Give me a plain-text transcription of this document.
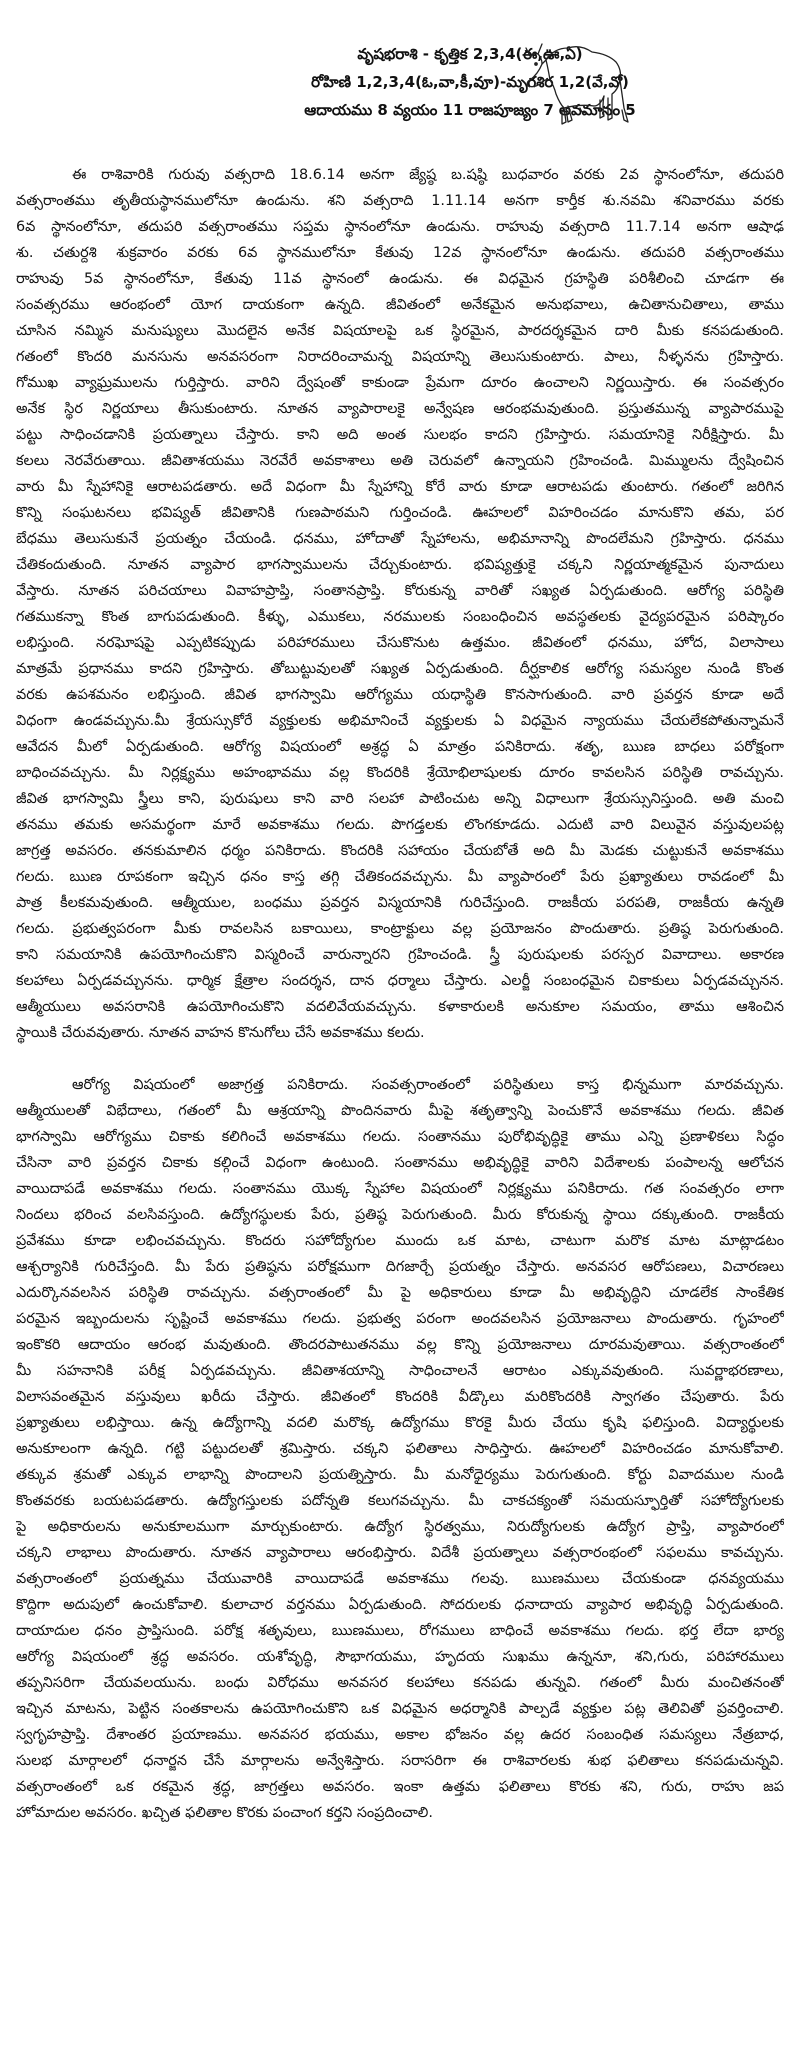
వృషభరాశి - కృత్తిక 2,3,4(ఈ,ఊ,ఏ)
రోహిణి 1,2,3,4(ఓ,వా,కీ,వూ)-మృగశిర 1,2(వే,వో)
ఆదాయము 8 వ్యయం 11 రాజపూజ్యం 7 అవమానం 5
ఈ రాశివారికి గురువు వత్సరాది 18.6.14 అనగా జ్యేష్ఠ బ.షష్ఠి బుధవారం వరకు 2వ స్థానంలోనూ, తదుపరి
వత్సరాంతము తృతీయస్థానములోనూ ఉండును. శని వత్సరాది 1.11.14 అనగా కార్తీక శు.నవమి శనివారము వరకు
6వ స్థానంలోనూ, తదుపరి వత్సరాంతము సప్తమ స్థానంలోనూ ఉండును. రాహువు వత్సరాది 11.7.14 అనగా ఆషాఢ
శు. చతుర్దశి శుక్రవారం వరకు 6వ స్థానములోనూ కేతువు 12వ స్థానంలోనూ ఉండును. తదుపరి వత్సరాంతము
రాహువు 5వ స్థానంలోనూ, కేతువు 11వ స్థానంలో ఉండును. ఈ విధమైన గ్రహస్థితి పరిశీలించి చూడగా ఈ
సంవత్సరము ఆరంభంలో యోగ దాయకంగా ఉన్నది. జీవితంలో అనేకమైన అనుభవాలు, ఉచితానుచితాలు, తాము
చూసిన నమ్మిన మనుష్యులు మొదలైన అనేక విషయాలపై ఒక స్థిరమైన, పారదర్శకమైన దారి మీకు కనపడుతుంది.
గతంలో కొందరి మనసును అనవసరంగా నిరాదరించామన్న విషయాన్ని తెలుసుకుంటారు. పాలు, నీళ్ళనను గ్రహిస్తారు.
గోముఖ వ్యాఘ్రములను గుర్తిస్తారు. వారిని ద్వేషంతో కాకుండా ప్రేమగా దూరం ఉంచాలని నిర్ణయిస్తారు. ఈ సంవత్సరం
అనేక స్థిర నిర్ణయాలు తీసుకుంటారు. నూతన వ్యాపారాలకై అన్వేషణ ఆరంభమవుతుంది. ప్రస్తుతమున్న వ్యాపారముపై
పట్టు సాధించడానికి ప్రయత్నాలు చేస్తారు. కాని అది అంత సులభం కాదని గ్రహిస్తారు. సమయానికై నిరీక్షిస్తారు. మీ
కలలు నెరవేరుతాయి. జీవితాశయము నెరవేరే అవకాశాలు అతి చెరువలో ఉన్నాయని గ్రహించండి. మిమ్ములను ద్వేషించిన
వారు మీ స్నేహానికై ఆరాటపడతారు. అదే విధంగా మీ స్నేహాన్ని కోరే వారు కూడా ఆరాటపడు తుంటారు. గతంలో జరిగిన
కొన్ని సంఘటనలు భవిష్యత్ జీవితానికి గుణపాఠమని గుర్తించండి. ఊహలలో విహరించడం మానుకొని తమ, పర
బేధము తెలుసుకునే ప్రయత్నం చేయండి. ధనము, హోదాతో స్నేహాలను, అభిమానాన్ని పొందలేమని గ్రహిస్తారు. ధనము
చేతికందుతుంది. నూతన వ్యాపార భాగస్వాములను చేర్చుకుంటారు. భవిష్యత్తుకై చక్కని నిర్ణయాత్మకమైన పునాదులు
వేస్తారు. నూతన పరిచయాలు వివాహప్రాప్తి, సంతానప్రాప్తి. కోరుకున్న వారితో సఖ్యత ఏర్పడుతుంది. ఆరోగ్య పరిస్థితి
గతముకన్నా కొంత బాగుపడుతుంది. కీళ్ళు, ఎముకలు, నరములకు సంబంధించిన అవస్థతలకు వైద్యపరమైన పరిష్కారం
లభిస్తుంది. నరఘోషపై ఎప్పటికప్పుడు పరిహారములు చేసుకొనుట ఉత్తమం. జీవితంలో ధనము, హోద, విలాసాలు
మాత్రమే ప్రధానము కాదని గ్రహిస్తారు. తోబుట్టువులతో సఖ్యత ఏర్పడుతుంది. దీర్ఘకాలిక ఆరోగ్య సమస్యల నుండి కొంత
వరకు ఉపశమనం లభిస్తుంది. జీవిత భాగస్వామి ఆరోగ్యము యధాస్థితి కొనసాగుతుంది. వారి ప్రవర్తన కూడా అదే
విధంగా ఉండవచ్చును.మీ శ్రేయస్సుకోరే వ్యక్తులకు అభిమానించే వ్యక్తులకు ఏ విధమైన న్యాయము చేయలేకపోతున్నామనే
ఆవేదన మీలో ఏర్పడుతుంది. ఆరోగ్య విషయంలో అశ్రద్ధ ఏ మాత్రం పనికిరాదు. శతృ, ఋణ బాధలు పరోక్షంగా
బాధించవచ్చును. మీ నిర్లక్ష్యము అహంభావము వల్ల కొందరికి శ్రేయోభిలాషులకు దూరం కావలసిన పరిస్థితి రావచ్చును.
జీవిత భాగస్వామి స్త్రీలు కాని, పురుషులు కాని వారి సలహా పాటించుట అన్ని విధాలుగా శ్రేయస్సునిస్తుంది. అతి మంచి
తనము తమకు అసమర్థంగా మారే అవకాశము గలదు. పొగడ్తలకు లొంగకూడదు. ఎదుటి వారి విలువైన వస్తువులపట్ల
జాగ్రత్త అవసరం. తనకుమాలిన ధర్మం పనికిరాదు. కొందరికి సహాయం చేయబోతే అది మీ మెడకు చుట్టుకునే అవకాశము
గలదు. ఋణ రూపకంగా ఇచ్చిన ధనం కాస్త తగ్గి చేతికందవచ్చును. మీ వ్యాపారంలో పేరు ప్రఖ్యాతులు రావడంలో మీ
పాత్ర కీలకమవుతుంది. ఆత్మీయుల, బంధము ప్రవర్తన విస్మయానికి గురిచేస్తుంది. రాజకీయ పరపతి, రాజకీయ ఉన్నతి
గలదు. ప్రభుత్వపరంగా మీకు రావలసిన బకాయిలు, కాంట్రాక్టులు వల్ల ప్రయోజనం పొందుతారు. ప్రతిష్ఠ పెరుగుతుంది.
కాని సమయానికి ఉపయోగించుకొని విస్మరించే వారున్నారని గ్రహించండి. స్త్రీ పురుషులకు పరస్పర వివాదాలు. అకారణ
కలహాలు ఏర్పడవచ్చునను. ధార్మిక క్షేత్రాల సందర్శన, దాన ధర్మాలు చేస్తారు. ఎలర్జీ సంబంధమైన చికాకులు ఏర్పడవచ్చునన.
ఆత్మీయులు అవసరానికి ఉపయోగించుకొని వదలివేయవచ్చును. కళాకారులకి అనుకూల సమయం, తాము ఆశించిన
స్థాయికి చేరువవుతారు. నూతన వాహన కొనుగోలు చేసే అవకాశము కలదు.
ఆరోగ్య విషయంలో అజాగ్రత్త పనికిరాదు. సంవత్సరాంతంలో పరిస్థితులు కాస్త భిన్నముగా మారవచ్చును.
ఆత్మీయులతో విభేదాలు, గతంలో మీ ఆశ్రయాన్ని పొందినవారు మీపై శతృత్వాన్ని పెంచుకొనే అవకాశము గలదు. జీవిత
భాగస్వామి ఆరోగ్యము చికాకు కలిగించే అవకాశము గలదు. సంతానము పురోభివృద్ధికై తాము ఎన్ని ప్రణాళికలు సిద్ధం
చేసినా వారి ప్రవర్తన చికాకు కల్గించే విధంగా ఉంటుంది. సంతానము అభివృద్ధికై వారిని విదేశాలకు పంపాలన్న ఆలోచన
వాయిదాపడే అవకాశము గలదు. సంతానము యొక్క స్నేహాల విషయంలో నిర్లక్ష్యము పనికిరాదు. గత సంవత్సరం లాగా
నిందలు భరించ వలసివస్తుంది. ఉద్యోగస్థులకు పేరు, ప్రతిష్ఠ పెరుగుతుంది. మీరు కోరుకున్న స్థాయి దక్కుతుంది. రాజకీయ
ప్రవేశము కూడా లభించవచ్చును. కొందరు సహోద్యోగుల ముందు ఒక మాట, చాటుగా మరొక మాట మాట్లాడటం
ఆశ్చర్యానికి గురిచేస్తంది. మీ పేరు ప్రతిష్ఠను పరోక్షముగా దిగజార్చే ప్రయత్నం చేస్తారు. అనవసర ఆరోపణలు, విచారణలు
ఎదుర్కొనవలసిన పరిస్థితి రావచ్చును. వత్సరాంతంలో మీ పై అధికారులు కూడా మీ అభివృద్ధిని చూడలేక సాంకేతిక
పరమైన ఇబ్బందులను సృష్టించే అవకాశము గలదు. ప్రభుత్వ పరంగా అందవలసిన ప్రయోజనాలు పొందుతారు. గృహంలో
ఇంకొకరి ఆదాయం ఆరంభ మవుతుంది. తొందరపాటుతనము వల్ల కొన్ని ప్రయోజనాలు దూరమవుతాయి. వత్సరాంతంలో
మీ సహనానికి పరీక్ష ఏర్పడవచ్చును. జీవితాశయాన్ని సాధించాలనే ఆరాటం ఎక్కువవుతుంది. సువర్ణాభరణాలు,
విలాసవంతమైన వస్తువులు ఖరీదు చేస్తారు. జీవితంలో కొందరికి వీడ్కొలు మరికొందరికి స్వాగతం చేపుతారు. పేరు
ప్రఖ్యాతులు లభిస్తాయి. ఉన్న ఉద్యోగాన్ని వదలి మరొక్క ఉద్యోగము కొరకై మీరు చేయు కృషి ఫలిస్తుంది. విద్యార్థులకు
అనుకూలంగా ఉన్నది. గట్టి పట్టుదలతో శ్రమిస్తారు. చక్కని ఫలితాలు సాధిస్తారు. ఊహలలో విహరించడం మానుకోవాలి.
తక్కువ శ్రమతో ఎక్కువ లాభాన్ని పొందాలని ప్రయత్నిస్తారు. మీ మనోధైర్యము పెరుగుతుంది. కోర్టు వివాదముల నుండి
కొంతవరకు బయటపడతారు. ఉద్యోగస్తులకు పదోన్నతి కలుగవచ్చును. మీ చాకచక్యంతో సమయస్ఫూర్తితో సహోద్యోగులకు
పై అధికారులను అనుకూలముగా మార్చుకుంటారు. ఉద్యోగ స్థిరత్వము, నిరుద్యోగులకు ఉద్యోగ ప్రాప్తి, వ్యాపారంలో
చక్కని లాభాలు పొందుతారు. నూతన వ్యాపారాలు ఆరంభిస్తారు. విదేశీ ప్రయత్నాలు వత్సరారంభంలో సఫలము కావచ్చును.
వత్సరాంతంలో ప్రయత్నము చేయువారికి వాయిదాపడే అవకాశము గలవు. ఋణములు చేయకుండా ధనవ్యయము
కొద్దిగా అదుపులో ఉంచుకోవాలి. కులాచార వర్తనము ఏర్పడుతుంది. సోదరులకు ధనాదాయ వ్యాపార అభివృద్ధి ఏర్పడుతుంది.
దాయాదుల ధనం ప్రాప్తిసుంది. పరోక్ష శతృవులు, ఋణములు, రోగములు బాధించే అవకాశము గలదు. భర్త లేదా భార్య
ఆరోగ్య విషయంలో శ్రద్ధ అవసరం. యశోవృద్ధి, సౌభాగయము, హృదయ సుఖము ఉన్ననూ, శని,గురు, పరిహారములు
తప్పనిసరిగా చేయవలయును. బంధు విరోధము అనవసర కలహాలు కనపడు తున్నవి. గతంలో మీరు మంచితనంతో
ఇచ్చిన మాటను, పెట్టిన సంతకాలను ఉపయోగించుకొని ఒక విధమైన అధర్మానికి పాల్పడే వ్యక్తుల పట్ల తెలివితో ప్రవర్తించాలి.
స్వగృహప్రాప్తి. దేశాంతర ప్రయాణము. అనవసర భయము, అకాల భోజనం వల్ల ఉదర సంబంధిత సమస్యలు నేత్రబాధ,
సులభ మార్గాలలో ధనార్జన చేసే మార్గాలను అన్వేశిస్తారు. సరాసరిగా ఈ రాశివారలకు శుభ ఫలితాలు కనపడుచున్నవి.
వత్సరాంతంలో ఒక రకమైన శ్రద్ధ, జాగ్రత్తలు అవసరం. ఇంకా ఉత్తమ ఫలితాలు కొరకు శని, గురు, రాహు జప
హోమాదుల అవసరం. ఖచ్చిత ఫలితాల కొరకు పంచాంగ కర్తని సంప్రదించాలి.
